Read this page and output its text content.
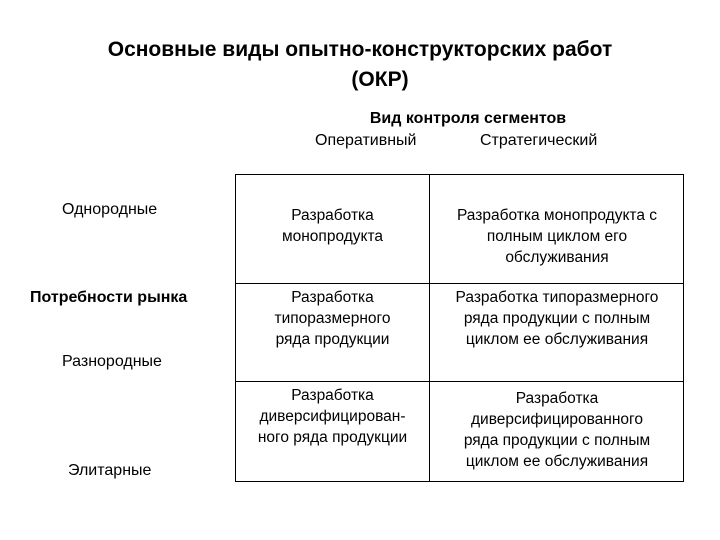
Основные виды опытно-конструкторских работ
(ОКР)
Вид контроля сегментов
Оперативный	Стратегический
Однородные
Потребности рынка
Разнородные
Элитарные
Разработка
монопродукта
Разработка монопродукта с
полным циклом его
обслуживания
Разработка
типоразмерного
ряда продукции
Разработка типоразмерного
ряда продукции с полным
циклом ее обслуживания
Разработка
диверсифицирован-
ного ряда продукции
Разработка
диверсифицированного
ряда продукции с полным
циклом ее обслуживания
